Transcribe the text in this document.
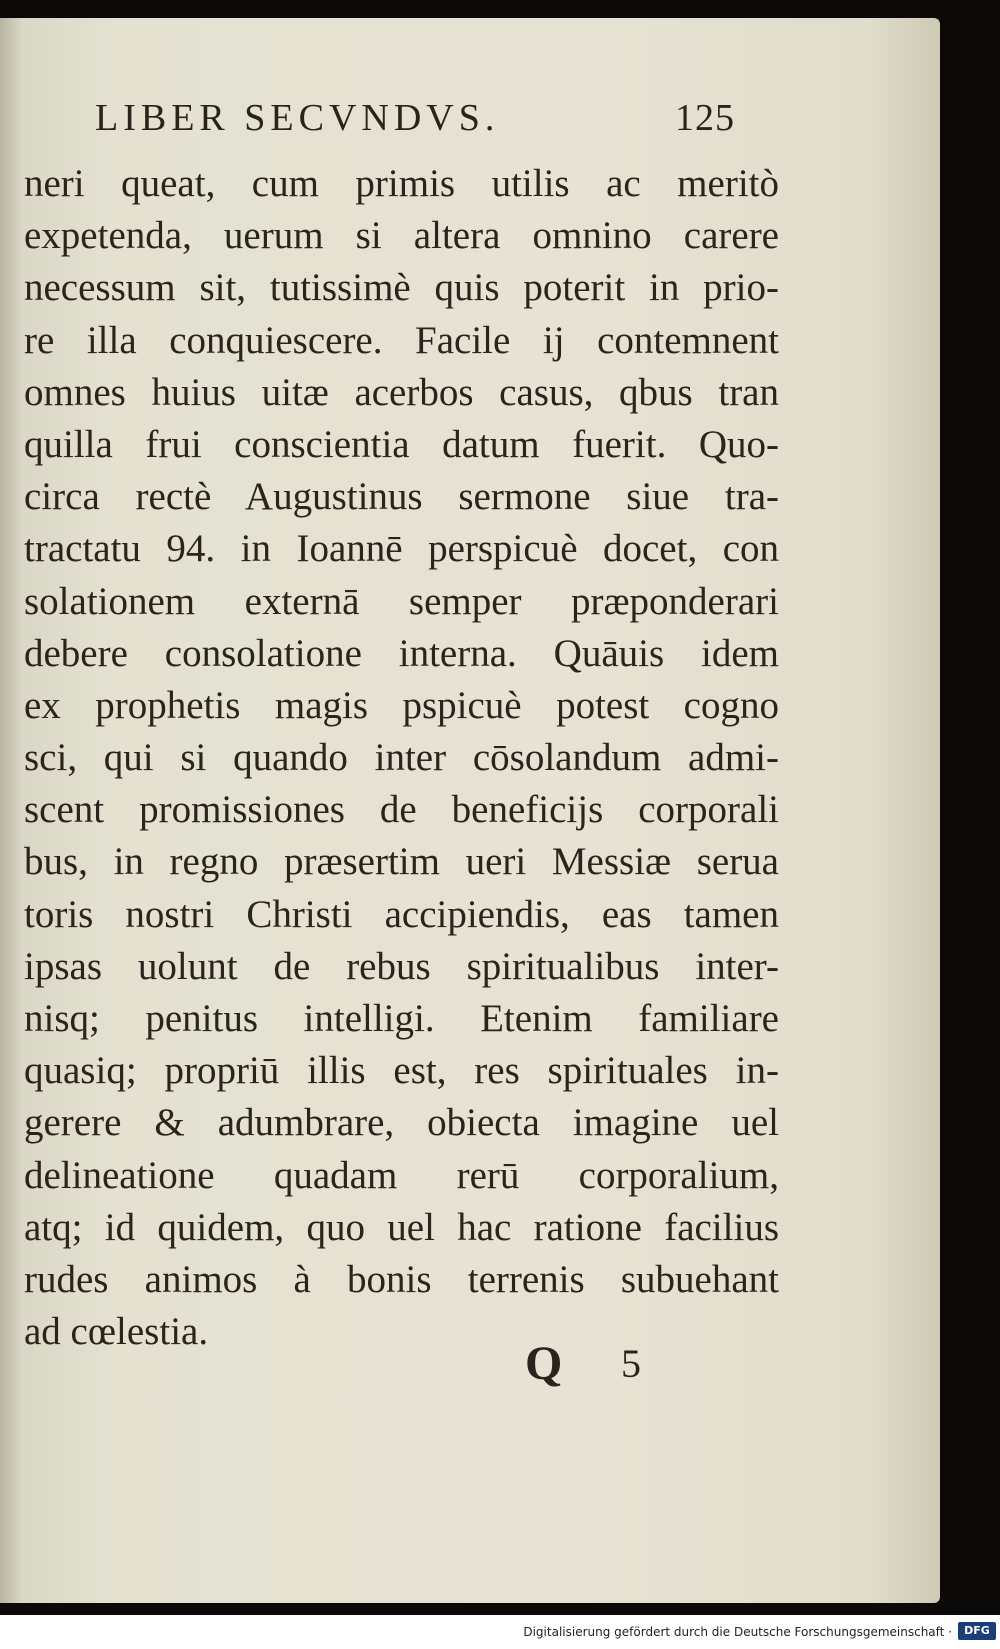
LIBER SECVNDVS.	125
neri queat, cum primis utilis ac meritò
expetenda, uerum si altera omnino carere
necessum sit, tutissimè quis poterit in prio-
re illa conquiescere. Facile ij contemnent
omnes huius uitæ acerbos casus, qbus tran
quilla frui conscientia datum fuerit. Quo-
circa rectè Augustinus sermone siue tra-
tractatu 94. in Ioannē perspicuè docet, con
solationem externā semper præponderari
debere consolatione interna. Quāuis idem
ex prophetis magis pspicuè potest cogno
sci, qui si quando inter cōsolandum admi-
scent promissiones de beneficijs corporali
bus, in regno præsertim ueri Messiæ serua
toris nostri Christi accipiendis, eas tamen
ipsas uolunt de rebus spiritualibus inter-
nisq; penitus intelligi. Etenim familiare
quasiq; propriū illis est, res spirituales in-
gerere & adumbrare, obiecta imagine uel
delineatione quadam rerū corporalium,
atq; id quidem, quo uel hac ratione facilius
rudes animos à bonis terrenis subuehant
ad cœlestia.
Q 5
Digitalisierung gefördert durch die Deutsche Forschungsgemeinschaft ·	DFG
